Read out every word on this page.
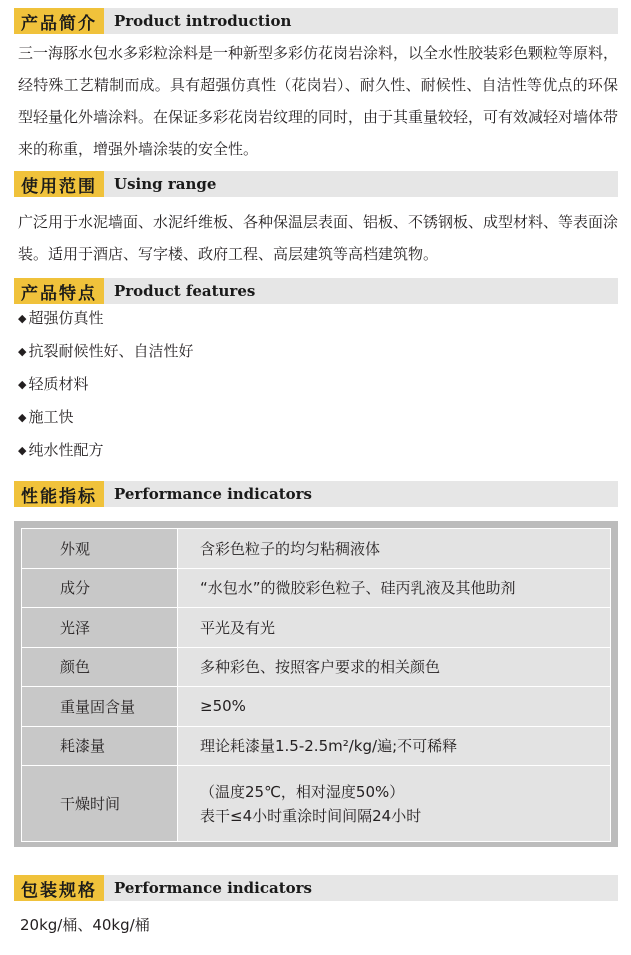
产品简介	Product introduction
三一海豚水包水多彩粒涂料是一种新型多彩仿花岗岩涂料，以全水性胶装彩色颗粒等原料，经特殊工艺精制而成。具有超强仿真性（花岗岩）、耐久性、耐候性、自洁性等优点的环保型轻量化外墙涂料。在保证多彩花岗岩纹理的同时，由于其重量较轻，可有效减轻对墙体带来的称重，增强外墙涂装的安全性。
使用范围	Using range
广泛用于水泥墙面、水泥纤维板、各种保温层表面、铝板、不锈钢板、成型材料、等表面涂装。适用于酒店、写字楼、政府工程、高层建筑等高档建筑物。
产品特点	Product features
◆ 超强仿真性
◆ 抗裂耐候性好、自洁性好
◆ 轻质材料
◆ 施工快
◆ 纯水性配方
性能指标	Performance indicators
外观	含彩色粒子的均匀粘稠液体
成分	“水包水”的微胶彩色粒子、硅丙乳液及其他助剂
光泽	平光及有光
颜色	多种彩色、按照客户要求的相关颜色
重量固含量	≥50%
耗漆量	理论耗漆量1.5-2.5m²/kg/遍;不可稀释
干燥时间	（温度25℃，相对湿度50%）
表干≤4小时重涂时间间隔24小时
包装规格	Performance indicators
20kg/桶、40kg/桶
